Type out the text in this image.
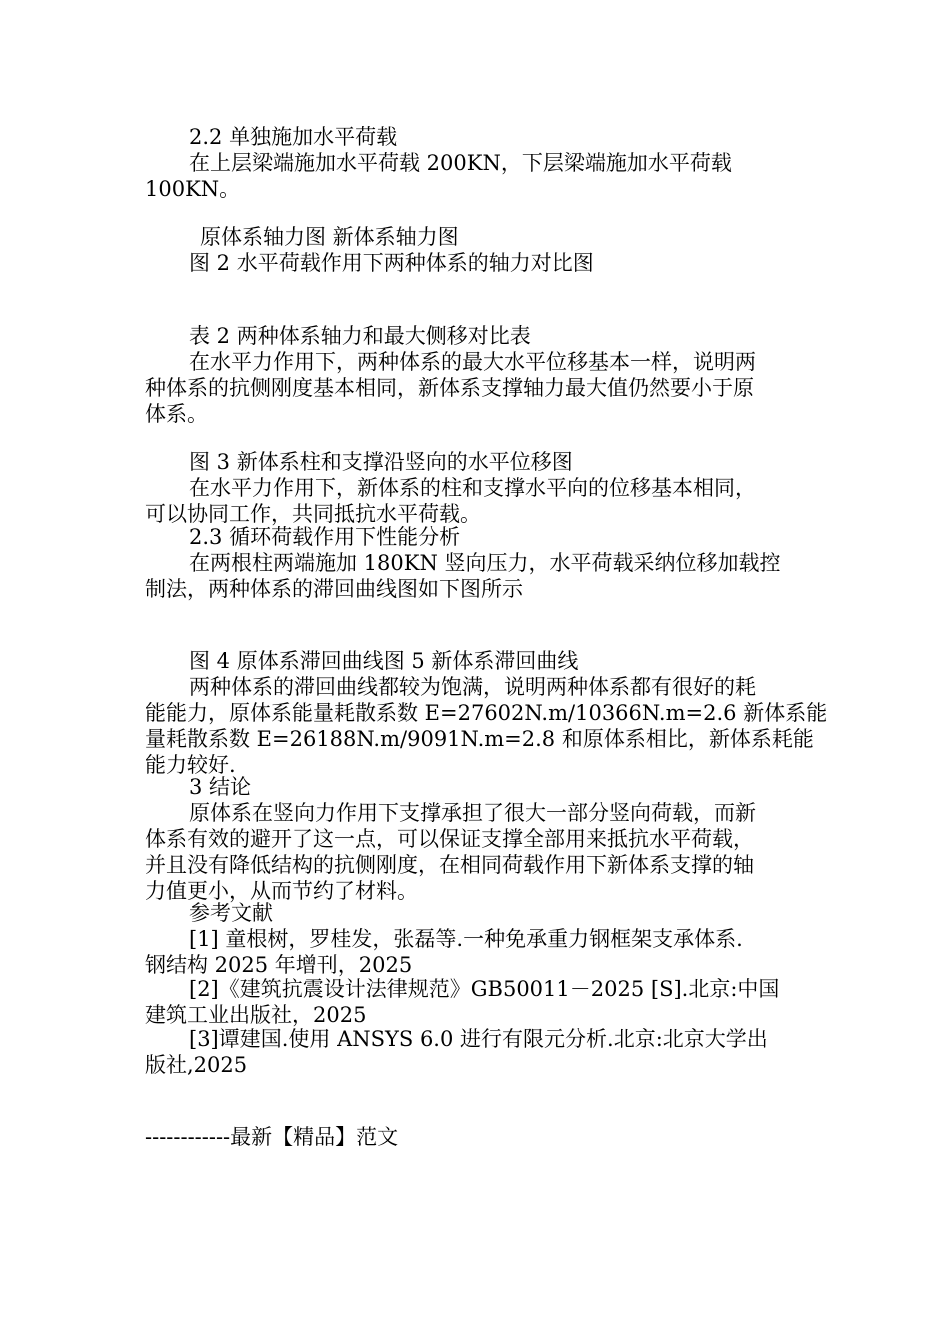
2.2 单独施加水平荷载
在上层梁端施加水平荷载 200KN，下层梁端施加水平荷载
100KN。
原体系轴力图 新体系轴力图
图 2 水平荷载作用下两种体系的轴力对比图
表 2 两种体系轴力和最大侧移对比表
在水平力作用下，两种体系的最大水平位移基本一样，说明两
种体系的抗侧刚度基本相同，新体系支撑轴力最大值仍然要小于原
体系。
图 3 新体系柱和支撑沿竖向的水平位移图
在水平力作用下，新体系的柱和支撑水平向的位移基本相同，
可以协同工作，共同抵抗水平荷载。
2.3 循环荷载作用下性能分析
在两根柱两端施加 180KN 竖向压力，水平荷载采纳位移加载控
制法，两种体系的滞回曲线图如下图所示
图 4 原体系滞回曲线图 5 新体系滞回曲线
两种体系的滞回曲线都较为饱满，说明两种体系都有很好的耗
能能力，原体系能量耗散系数 E=27602N.m/10366N.m=2.6 新体系能
量耗散系数 E=26188N.m/9091N.m=2.8 和原体系相比，新体系耗能
能力较好.
3 结论
原体系在竖向力作用下支撑承担了很大一部分竖向荷载，而新
体系有效的避开了这一点，可以保证支撑全部用来抵抗水平荷载，
并且没有降低结构的抗侧刚度，在相同荷载作用下新体系支撑的轴
力值更小，从而节约了材料。
参考文献
[1] 童根树，罗桂发，张磊等.一种免承重力钢框架支承体系.
钢结构 2025 年增刊，2025
[2]《建筑抗震设计法律规范》GB50011－2025 [S].北京:中国
建筑工业出版社，2025
[3]谭建国.使用 ANSYS 6.0 进行有限元分析.北京:北京大学出
版社,2025
------------最新【精品】范文
